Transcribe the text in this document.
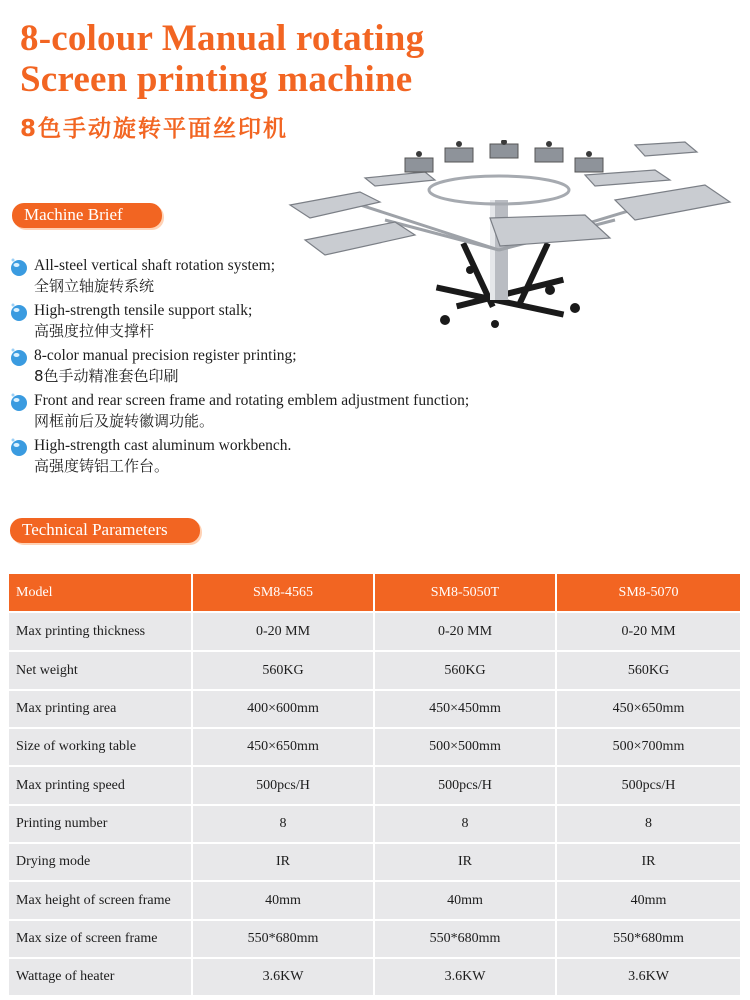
8-colour Manual rotating
Screen printing machine
8色手动旋转平面丝印机
Machine Brief
All-steel vertical shaft rotation system;
全钢立轴旋转系统
High-strength tensile support stalk;
高强度拉伸支撑杆
8-color manual precision register printing;
8色手动精准套色印刷
Front and rear screen frame and rotating emblem adjustment function;
网框前后及旋转徽调功能。
High-strength cast aluminum workbench.
高强度铸铝工作台。
Technical Parameters
Model	SM8-4565	SM8-5050T	SM8-5070
Max printing thickness	0-20 MM	0-20 MM	0-20 MM
Net weight	560KG	560KG	560KG
Max printing area	400×600mm	450×450mm	450×650mm
Size of working table	450×650mm	500×500mm	500×700mm
Max printing speed	500pcs/H	500pcs/H	500pcs/H
Printing number	8	8	8
Drying mode	IR	IR	IR
Max height of screen frame	40mm	40mm	40mm
Max size of screen frame	550*680mm	550*680mm	550*680mm
Wattage of heater	3.6KW	3.6KW	3.6KW
